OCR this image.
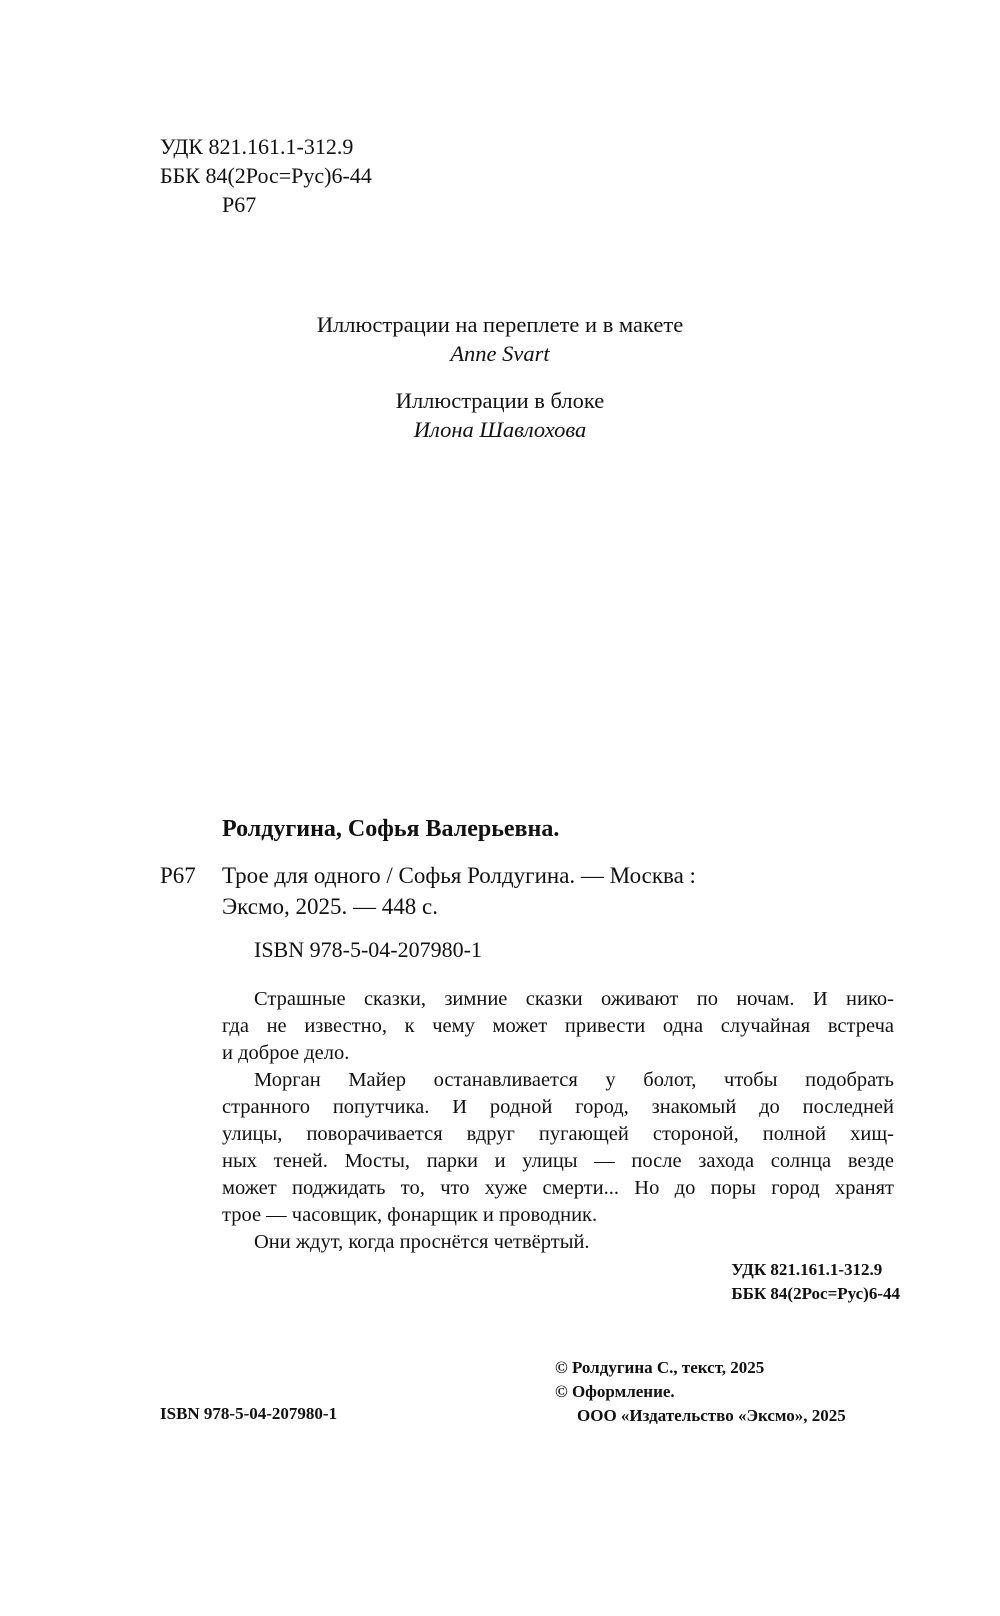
УДК 821.161.1-312.9
ББК 84(2Рос=Рус)6-44
Р67
Иллюстрации на переплете и в макете
Anne Svart
Иллюстрации в блоке
Илона Шавлохова
Ролдугина, Софья Валерьевна.
Р67	Трое для одного / Софья Ролдугина. — Москва :
Эксмо, 2025. — 448 с.
ISBN 978-5-04-207980-1
Страшные сказки, зимние сказки оживают по ночам. И нико-
гда не известно, к чему может привести одна случайная встреча
и доброе дело.
Морган Майер останавливается у болот, чтобы подобрать
странного попутчика. И родной город, знакомый до последней
улицы, поворачивается вдруг пугающей стороной, полной хищ-
ных теней. Мосты, парки и улицы — после захода солнца везде
может поджидать то, что хуже смерти... Но до поры город хранят
трое — часовщик, фонарщик и проводник.
Они ждут, когда проснётся четвёртый.
УДК 821.161.1-312.9
ББК 84(2Рос=Рус)6-44
© Ролдугина С., текст, 2025
© Оформление.
ООО «Издательство «Эксмо», 2025
ISBN 978-5-04-207980-1
